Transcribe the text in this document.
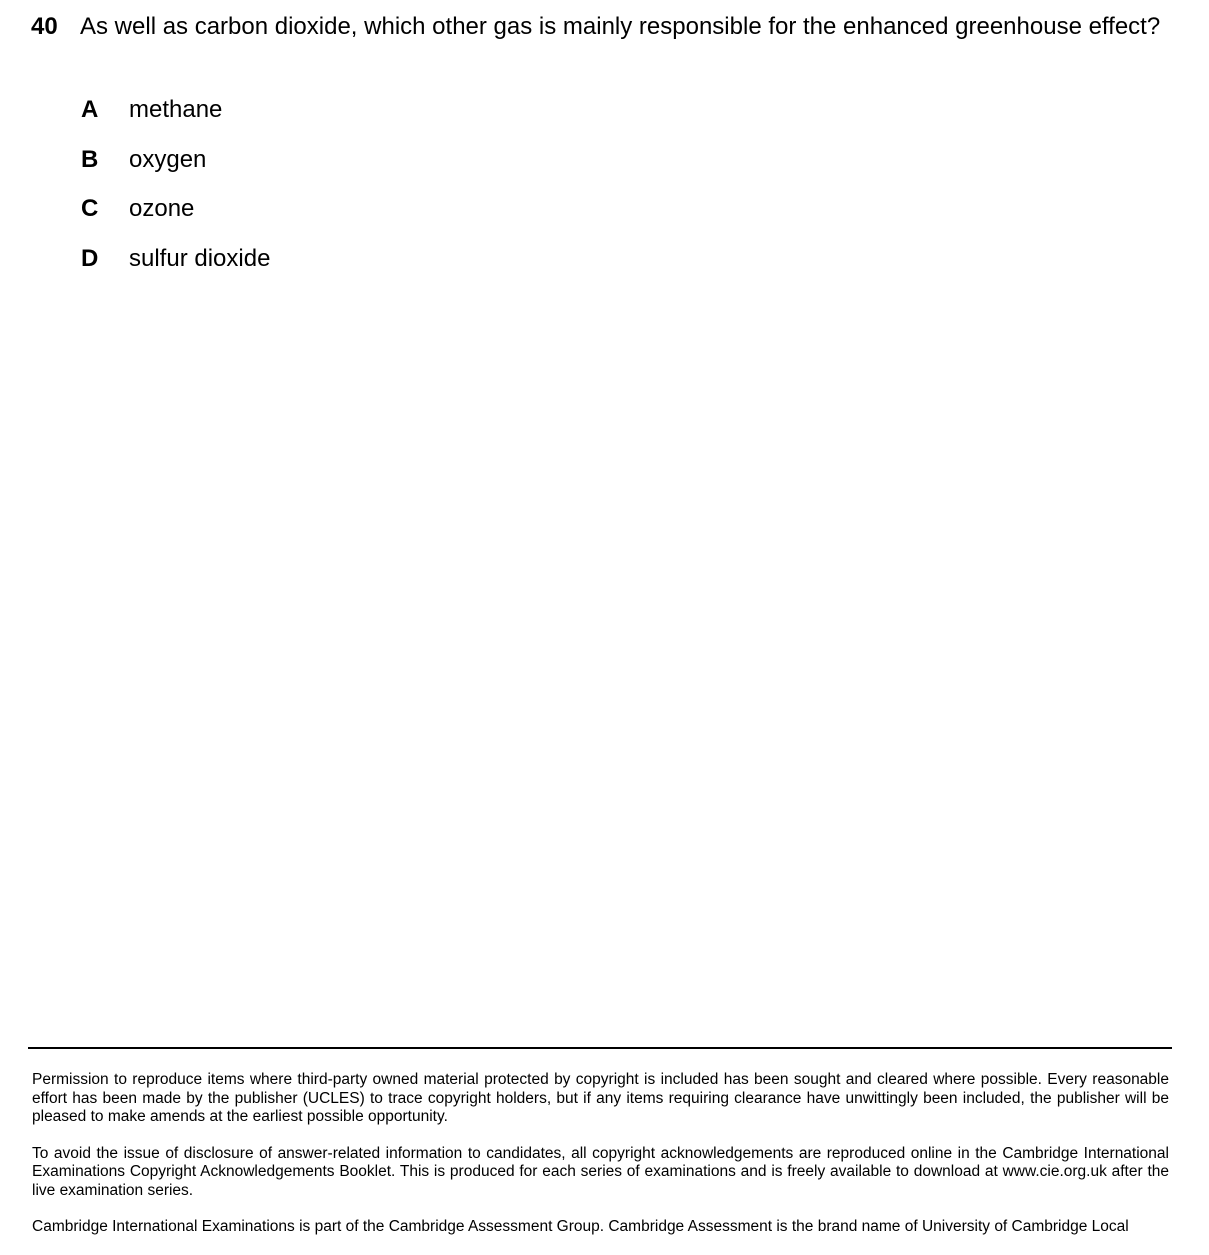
40 As well as carbon dioxide, which other gas is mainly responsible for the enhanced greenhouse effect?
A methane
B oxygen
C ozone
D sulfur dioxide

Permission to reproduce items where third-party owned material protected by copyright is included has been sought and cleared where possible. Every reasonable effort has been made by the publisher (UCLES) to trace copyright holders, but if any items requiring clearance have unwittingly been included, the publisher will be pleased to make amends at the earliest possible opportunity.

To avoid the issue of disclosure of answer-related information to candidates, all copyright acknowledgements are reproduced online in the Cambridge International Examinations Copyright Acknowledgements Booklet. This is produced for each series of examinations and is freely available to download at www.cie.org.uk after the live examination series.

Cambridge International Examinations is part of the Cambridge Assessment Group. Cambridge Assessment is the brand name of University of Cambridge Local
